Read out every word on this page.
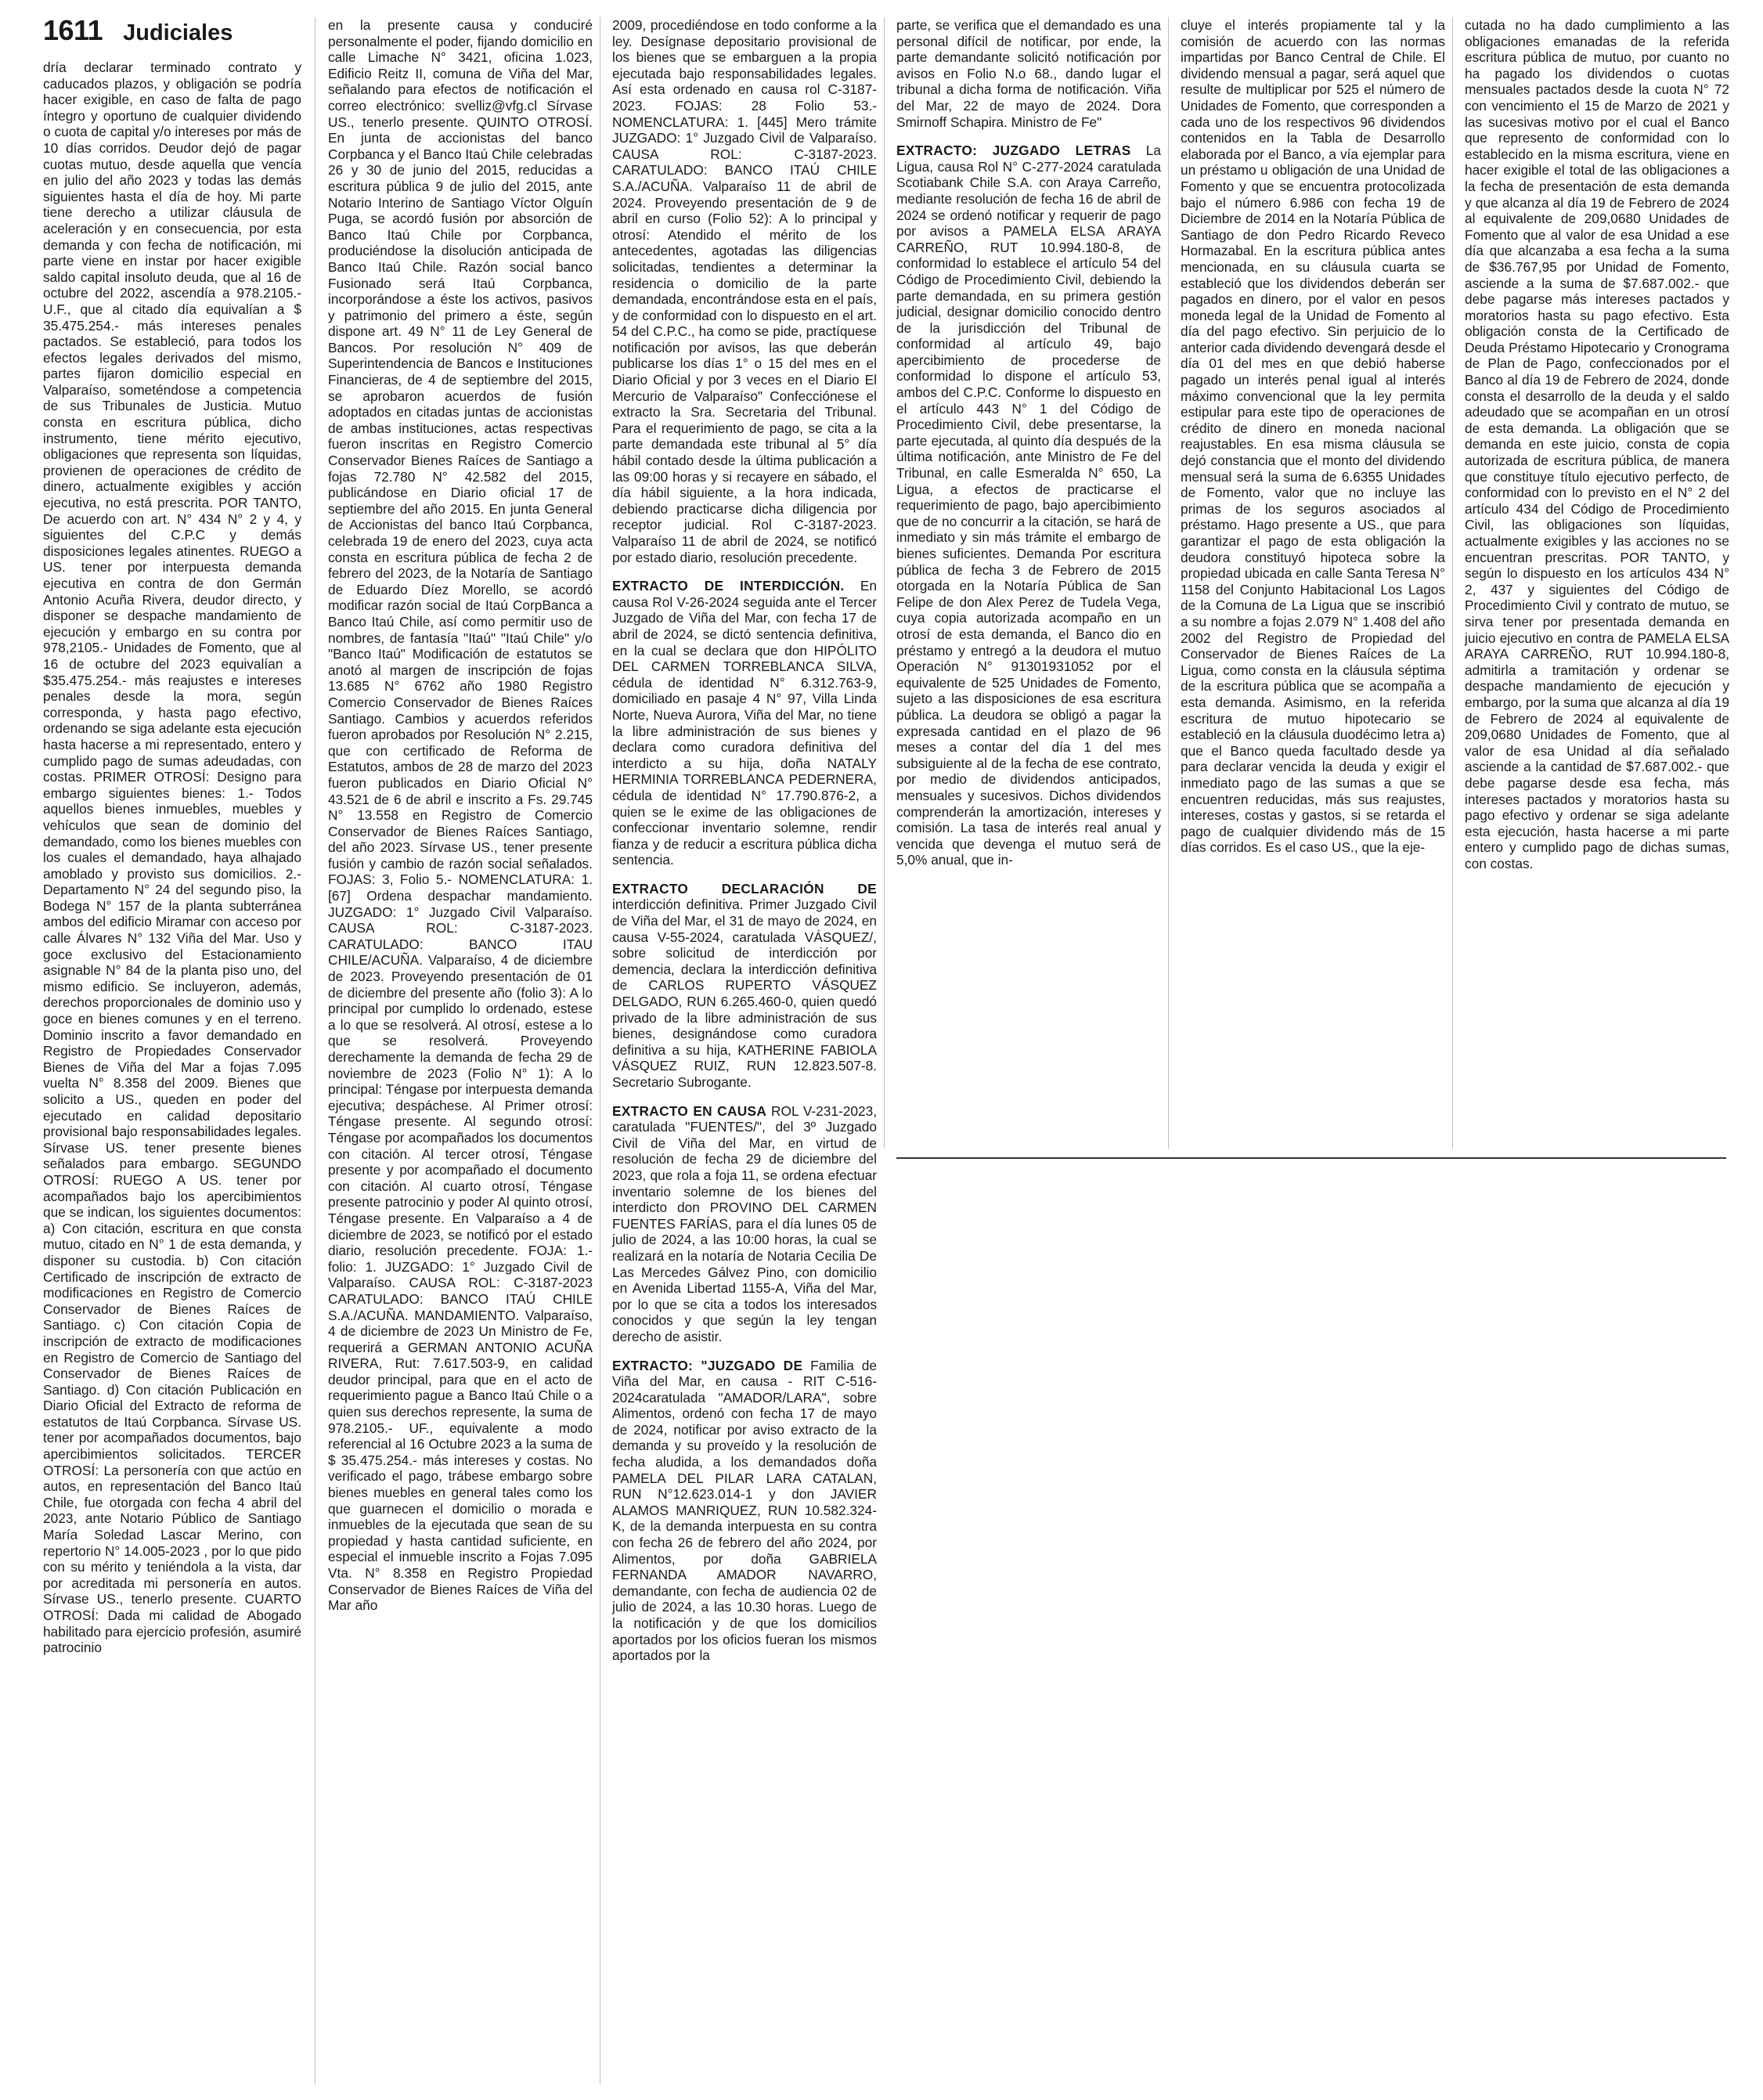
1611 Judiciales

dría declarar terminado contrato y caducados plazos, y obligación se podría hacer exigible, en caso de falta de pago íntegro y oportuno de cualquier dividendo o cuota de capital y/o intereses por más de 10 días corridos. Deudor dejó de pagar cuotas mutuo, desde aquella que vencía en julio del año 2023 y todas las demás siguientes hasta el día de hoy. Mi parte tiene derecho a utilizar cláusula de aceleración y en consecuencia, por esta demanda y con fecha de notificación, mi parte viene en instar por hacer exigible saldo capital insoluto deuda, que al 16 de octubre del 2022, ascendía a 978.2105.- U.F., que al citado día equivalían a $ 35.475.254.- más intereses penales pactados. Se estableció, para todos los efectos legales derivados del mismo, partes fijaron domicilio especial en Valparaíso, someténdose a competencia de sus Tribunales de Justicia. Mutuo consta en escritura pública, dicho instrumento, tiene mérito ejecutivo, obligaciones que representa son líquidas, provienen de operaciones de crédito de dinero, actualmente exigibles y acción ejecutiva, no está prescrita. POR TANTO, De acuerdo con art. N° 434 N° 2 y 4, y siguientes del C.P.C y demás disposiciones legales atinentes. RUEGO a US. tener por interpuesta demanda ejecutiva en contra de don Germán Antonio Acuña Rivera, deudor directo, y disponer se despache mandamiento de ejecución y embargo en su contra por 978,2105.- Unidades de Fomento, que al 16 de octubre del 2023 equivalían a $35.475.254.- más reajustes e intereses penales desde la mora, según corresponda, y hasta pago efectivo, ordenando se siga adelante esta ejecución hasta hacerse a mi representado, entero y cumplido pago de sumas adeudadas, con costas. PRIMER OTROSÍ: Designo para embargo siguientes bienes: 1.- Todos aquellos bienes inmuebles, muebles y vehículos que sean de dominio del demandado, como los bienes muebles con los cuales el demandado, haya alhajado amoblado y provisto sus domicilios. 2.- Departamento N° 24 del segundo piso, la Bodega N° 157 de la planta subterránea ambos del edificio Miramar con acceso por calle Álvares N° 132 Viña del Mar. Uso y goce exclusivo del Estacionamiento asignable N° 84 de la planta piso uno, del mismo edificio. Se incluyeron, además, derechos proporcionales de dominio uso y goce en bienes comunes y en el terreno. Dominio inscrito a favor demandado en Registro de Propiedades Conservador Bienes de Viña del Mar a fojas 7.095 vuelta N° 8.358 del 2009. Bienes que solicito a US., queden en poder del ejecutado en calidad depositario provisional bajo responsabilidades legales. Sírvase US. tener presente bienes señalados para embargo. SEGUNDO OTROSÍ: RUEGO A US. tener por acompañados bajo los apercibimientos que se indican, los siguientes documentos: a) Con citación, escritura en que consta mutuo, citado en N° 1 de esta demanda, y disponer su custodia. b) Con citación Certificado de inscripción de extracto de modificaciones en Registro de Comercio Conservador de Bienes Raíces de Santiago. c) Con citación Copia de inscripción de extracto de modificaciones en Registro de Comercio de Santiago del Conservador de Bienes Raíces de Santiago. d) Con citación Publicación en Diario Oficial del Extracto de reforma de estatutos de Itaú Corpbanca. Sírvase US. tener por acompañados documentos, bajo apercibimientos solicitados. TERCER OTROSÍ: La personería con que actúo en autos, en representación del Banco Itaú Chile, fue otorgada con fecha 4 abril del 2023, ante Notario Público de Santiago María Soledad Lascar Merino, con repertorio N° 14.005-2023 , por lo que pido con su mérito y teniéndola a la vista, dar por acreditada mi personería en autos. Sírvase US., tenerlo presente. CUARTO OTROSÍ: Dada mi calidad de Abogado habilitado para ejercicio profesión, asumiré patrocinio

en la presente causa y conduciré personalmente el poder, fijando domicilio en calle Limache N° 3421, oficina 1.023, Edificio Reitz II, comuna de Viña del Mar, señalando para efectos de notificación el correo electrónico: svelliz@vfg.cl Sírvase US., tenerlo presente. QUINTO OTROSÍ. En junta de accionistas del banco Corpbanca y el Banco Itaú Chile celebradas 26 y 30 de junio del 2015, reducidas a escritura pública 9 de julio del 2015, ante Notario Interino de Santiago Víctor Olguín Puga, se acordó fusión por absorción de Banco Itaú Chile por Corpbanca, produciéndose la disolución anticipada de Banco Itaú Chile. Razón social banco Fusionado será Itaú Corpbanca, incorporándose a éste los activos, pasivos y patrimonio del primero a éste, según dispone art. 49 N° 11 de Ley General de Bancos. Por resolución N° 409 de Superintendencia de Bancos e Instituciones Financieras, de 4 de septiembre del 2015, se aprobaron acuerdos de fusión adoptados en citadas juntas de accionistas de ambas instituciones, actas respectivas fueron inscritas en Registro Comercio Conservador Bienes Raíces de Santiago a fojas 72.780 N° 42.582 del 2015, publicándose en Diario oficial 17 de septiembre del año 2015. En junta General de Accionistas del banco Itaú Corpbanca, celebrada 19 de enero del 2023, cuya acta consta en escritura pública de fecha 2 de febrero del 2023, de la Notaría de Santiago de Eduardo Díez Morello, se acordó modificar razón social de Itaú CorpBanca a Banco Itaú Chile, así como permitir uso de nombres, de fantasía "Itaú" "Itaú Chile" y/o "Banco Itaú" Modificación de estatutos se anotó al margen de inscripción de fojas 13.685 N° 6762 año 1980 Registro Comercio Conservador de Bienes Raíces Santiago. Cambios y acuerdos referidos fueron aprobados por Resolución N° 2.215, que con certificado de Reforma de Estatutos, ambos de 28 de marzo del 2023 fueron publicados en Diario Oficial N° 43.521 de 6 de abril e inscrito a Fs. 29.745 N° 13.558 en Registro de Comercio Conservador de Bienes Raíces Santiago, del año 2023. Sírvase US., tener presente fusión y cambio de razón social señalados. FOJAS: 3, Folio 5.- NOMENCLATURA: 1. [67] Ordena despachar mandamiento. JUZGADO: 1° Juzgado Civil Valparaíso. CAUSA ROL: C-3187-2023. CARATULADO: BANCO ITAU CHILE/ACUÑA. Valparaíso, 4 de diciembre de 2023. Proveyendo presentación de 01 de diciembre del presente año (folio 3): A lo principal por cumplido lo ordenado, estese a lo que se resolverá. Al otrosí, estese a lo que se resolverá. Proveyendo derechamente la demanda de fecha 29 de noviembre de 2023 (Folio N° 1): A lo principal: Téngase por interpuesta demanda ejecutiva; despáchese. Al Primer otrosí: Téngase presente. Al segundo otrosí: Téngase por acompañados los documentos con citación. Al tercer otrosí, Téngase presente y por acompañado el documento con citación. Al cuarto otrosí, Téngase presente patrocinio y poder Al quinto otrosí, Téngase presente. En Valparaíso a 4 de diciembre de 2023, se notificó por el estado diario, resolución precedente. FOJA: 1.- folio: 1. JUZGADO: 1° Juzgado Civil de Valparaíso. CAUSA ROL: C-3187-2023 CARATULADO: BANCO ITAÚ CHILE S.A./ACUÑA. MANDAMIENTO. Valparaíso, 4 de diciembre de 2023 Un Ministro de Fe, requerirá a GERMAN ANTONIO ACUÑA RIVERA, Rut: 7.617.503-9, en calidad deudor principal, para que en el acto de requerimiento pague a Banco Itaú Chile o a quien sus derechos represente, la suma de 978.2105.- UF., equivalente a modo referencial al 16 Octubre 2023 a la suma de $ 35.475.254.- más intereses y costas. No verificado el pago, trábese embargo sobre bienes muebles en general tales como los que guarnecen el domicilio o morada e inmuebles de la ejecutada que sean de su propiedad y hasta cantidad suficiente, en especial el inmueble inscrito a Fojas 7.095 Vta. N° 8.358 en Registro Propiedad Conservador de Bienes Raíces de Viña del Mar año

2009, procediéndose en todo conforme a la ley. Desígnase depositario provisional de los bienes que se embarguen a la propia ejecutada bajo responsabilidades legales. Así esta ordenado en causa rol C-3187-2023. FOJAS: 28 Folio 53.- NOMENCLATURA: 1. [445] Mero trámite JUZGADO: 1° Juzgado Civil de Valparaíso. CAUSA ROL: C-3187-2023. CARATULADO: BANCO ITAÚ CHILE S.A./ACUÑA. Valparaíso 11 de abril de 2024. Proveyendo presentación de 9 de abril en curso (Folio 52): A lo principal y otrosí: Atendido el mérito de los antecedentes, agotadas las diligencias solicitadas, tendientes a determinar la residencia o domicilio de la parte demandada, encontrándose esta en el país, y de conformidad con lo dispuesto en el art. 54 del C.P.C., ha como se pide, practíquese notificación por avisos, las que deberán publicarse los días 1° o 15 del mes en el Diario Oficial y por 3 veces en el Diario El Mercurio de Valparaíso" Confecciónese el extracto la Sra. Secretaria del Tribunal. Para el requerimiento de pago, se cita a la parte demandada este tribunal al 5° día hábil contado desde la última publicación a las 09:00 horas y si recayere en sábado, el día hábil siguiente, a la hora indicada, debiendo practicarse dicha diligencia por receptor judicial. Rol C-3187-2023. Valparaíso 11 de abril de 2024, se notificó por estado diario, resolución precedente.

EXTRACTO DE INTERDICCIÓN. En causa Rol V-26-2024 seguida ante el Tercer Juzgado de Viña del Mar, con fecha 17 de abril de 2024, se dictó sentencia definitiva, en la cual se declara que don HIPÓLITO DEL CARMEN TORREBLANCA SILVA, cédula de identidad N° 6.312.763-9, domiciliado en pasaje 4 N° 97, Villa Linda Norte, Nueva Aurora, Viña del Mar, no tiene la libre administración de sus bienes y declara como curadora definitiva del interdicto a su hija, doña NATALY HERMINIA TORREBLANCA PEDERNERA, cédula de identidad N° 17.790.876-2, a quien se le exime de las obligaciones de confeccionar inventario solemne, rendir fianza y de reducir a escritura pública dicha sentencia.

EXTRACTO DECLARACIÓN DE interdicción definitiva. Primer Juzgado Civil de Viña del Mar, el 31 de mayo de 2024, en causa V-55-2024, caratulada VÁSQUEZ/, sobre solicitud de interdicción por demencia, declara la interdicción definitiva de CARLOS RUPERTO VÁSQUEZ DELGADO, RUN 6.265.460-0, quien quedó privado de la libre administración de sus bienes, designándose como curadora definitiva a su hija, KATHERINE FABIOLA VÁSQUEZ RUIZ, RUN 12.823.507-8. Secretario Subrogante.

EXTRACTO EN CAUSA ROL V-231-2023, caratulada "FUENTES/", del 3º Juzgado Civil de Viña del Mar, en virtud de resolución de fecha 29 de diciembre del 2023, que rola a foja 11, se ordena efectuar inventario solemne de los bienes del interdicto don PROVINO DEL CARMEN FUENTES FARÍAS, para el día lunes 05 de julio de 2024, a las 10:00 horas, la cual se realizará en la notaría de Notaria Cecilia De Las Mercedes Gálvez Pino, con domicilio en Avenida Libertad 1155-A, Viña del Mar, por lo que se cita a todos los interesados conocidos y que según la ley tengan derecho de asistir.

EXTRACTO: "JUZGADO DE Familia de Viña del Mar, en causa - RIT C-516-2024caratulada "AMADOR/LARA", sobre Alimentos, ordenó con fecha 17 de mayo de 2024, notificar por aviso extracto de la demanda y su proveído y la resolución de fecha aludida, a los demandados doña PAMELA DEL PILAR LARA CATALAN, RUN N°12.623.014-1 y don JAVIER ALAMOS MANRIQUEZ, RUN 10.582.324-K, de la demanda interpuesta en su contra con fecha 26 de febrero del año 2024, por Alimentos, por doña GABRIELA FERNANDA AMADOR NAVARRO, demandante, con fecha de audiencia 02 de julio de 2024, a las 10.30 horas. Luego de la notificación y de que los domicilios aportados por los oficios fueran los mismos aportados por la

parte, se verifica que el demandado es una personal difícil de notificar, por ende, la parte demandante solicitó notificación por avisos en Folio N.o 68., dando lugar el tribunal a dicha forma de notificación. Viña del Mar, 22 de mayo de 2024. Dora Smirnoff Schapira. Ministro de Fe"

EXTRACTO: JUZGADO LETRAS La Ligua, causa Rol N° C-277-2024 caratulada Scotiabank Chile S.A. con Araya Carreño, mediante resolución de fecha 16 de abril de 2024 se ordenó notificar y requerir de pago por avisos a PAMELA ELSA ARAYA CARREÑO, RUT 10.994.180-8, de conformidad lo establece el artículo 54 del Código de Procedimiento Civil, debiendo la parte demandada, en su primera gestión judicial, designar domicilio conocido dentro de la jurisdicción del Tribunal de conformidad al artículo 49, bajo apercibimiento de procederse de conformidad lo dispone el artículo 53, ambos del C.P.C. Conforme lo dispuesto en el artículo 443 N° 1 del Código de Procedimiento Civil, debe presentarse, la parte ejecutada, al quinto día después de la última notificación, ante Ministro de Fe del Tribunal, en calle Esmeralda N° 650, La Ligua, a efectos de practicarse el requerimiento de pago, bajo apercibimiento que de no concurrir a la citación, se hará de inmediato y sin más trámite el embargo de bienes suficientes. Demanda Por escritura pública de fecha 3 de Febrero de 2015 otorgada en la Notaría Pública de San Felipe de don Alex Perez de Tudela Vega, cuya copia autorizada acompaño en un otrosí de esta demanda, el Banco dio en préstamo y entregó a la deudora el mutuo Operación N° 91301931052 por el equivalente de 525 Unidades de Fomento, sujeto a las disposiciones de esa escritura pública. La deudora se obligó a pagar la expresada cantidad en el plazo de 96 meses a contar del día 1 del mes subsiguiente al de la fecha de ese contrato, por medio de dividendos anticipados, mensuales y sucesivos. Dichos dividendos comprenderán la amortización, intereses y comisión. La tasa de interés real anual y vencida que devenga el mutuo será de 5,0% anual, que in-

cluye el interés propiamente tal y la comisión de acuerdo con las normas impartidas por Banco Central de Chile. El dividendo mensual a pagar, será aquel que resulte de multiplicar por 525 el número de Unidades de Fomento, que corresponden a cada uno de los respectivos 96 dividendos contenidos en la Tabla de Desarrollo elaborada por el Banco, a vía ejemplar para un préstamo u obligación de una Unidad de Fomento y que se encuentra protocolizada bajo el número 6.986 con fecha 19 de Diciembre de 2014 en la Notaría Pública de Santiago de don Pedro Ricardo Reveco Hormazabal. En la escritura pública antes mencionada, en su cláusula cuarta se estableció que los dividendos deberán ser pagados en dinero, por el valor en pesos moneda legal de la Unidad de Fomento al día del pago efectivo. Sin perjuicio de lo anterior cada dividendo devengará desde el día 01 del mes en que debió haberse pagado un interés penal igual al interés máximo convencional que la ley permita estipular para este tipo de operaciones de crédito de dinero en moneda nacional reajustables. En esa misma cláusula se dejó constancia que el monto del dividendo mensual será la suma de 6.6355 Unidades de Fomento, valor que no incluye las primas de los seguros asociados al préstamo. Hago presente a US., que para garantizar el pago de esta obligación la deudora constituyó hipoteca sobre la propiedad ubicada en calle Santa Teresa N° 1158 del Conjunto Habitacional Los Lagos de la Comuna de La Ligua que se inscribió a su nombre a fojas 2.079 N° 1.408 del año 2002 del Registro de Propiedad del Conservador de Bienes Raíces de La Ligua, como consta en la cláusula séptima de la escritura pública que se acompaña a esta demanda. Asimismo, en la referida escritura de mutuo hipotecario se estableció en la cláusula duodécimo letra a) que el Banco queda facultado desde ya para declarar vencida la deuda y exigir el inmediato pago de las sumas a que se encuentren reducidas, más sus reajustes, intereses, costas y gastos, si se retarda el pago de cualquier dividendo más de 15 días corridos. Es el caso US., que la eje-

cutada no ha dado cumplimiento a las obligaciones emanadas de la referida escritura pública de mutuo, por cuanto no ha pagado los dividendos o cuotas mensuales pactados desde la cuota N° 72 con vencimiento el 15 de Marzo de 2021 y las sucesivas motivo por el cual el Banco que represento de conformidad con lo establecido en la misma escritura, viene en hacer exigible el total de las obligaciones a la fecha de presentación de esta demanda y que alcanza al día 19 de Febrero de 2024 al equivalente de 209,0680 Unidades de Fomento que al valor de esa Unidad a ese día que alcanzaba a esa fecha a la suma de $36.767,95 por Unidad de Fomento, asciende a la suma de $7.687.002.- que debe pagarse más intereses pactados y moratorios hasta su pago efectivo. Esta obligación consta de la Certificado de Deuda Préstamo Hipotecario y Cronograma de Plan de Pago, confeccionados por el Banco al día 19 de Febrero de 2024, donde consta el desarrollo de la deuda y el saldo adeudado que se acompañan en un otrosí de esta demanda. La obligación que se demanda en este juicio, consta de copia autorizada de escritura pública, de manera que constituye título ejecutivo perfecto, de conformidad con lo previsto en el N° 2 del artículo 434 del Código de Procedimiento Civil, las obligaciones son líquidas, actualmente exigibles y las acciones no se encuentran prescritas. POR TANTO, y según lo dispuesto en los artículos 434 N° 2, 437 y siguientes del Código de Procedimiento Civil y contrato de mutuo, se sirva tener por presentada demanda en juicio ejecutivo en contra de PAMELA ELSA ARAYA CARREÑO, RUT 10.994.180-8, admitirla a tramitación y ordenar se despache mandamiento de ejecución y embargo, por la suma que alcanza al día 19 de Febrero de 2024 al equivalente de 209,0680 Unidades de Fomento, que al valor de esa Unidad al día señalado asciende a la cantidad de $7.687.002.- que debe pagarse desde esa fecha, más intereses pactados y moratorios hasta su pago efectivo y ordenar se siga adelante esta ejecución, hasta hacerse a mi parte entero y cumplido pago de dichas sumas, con costas.
